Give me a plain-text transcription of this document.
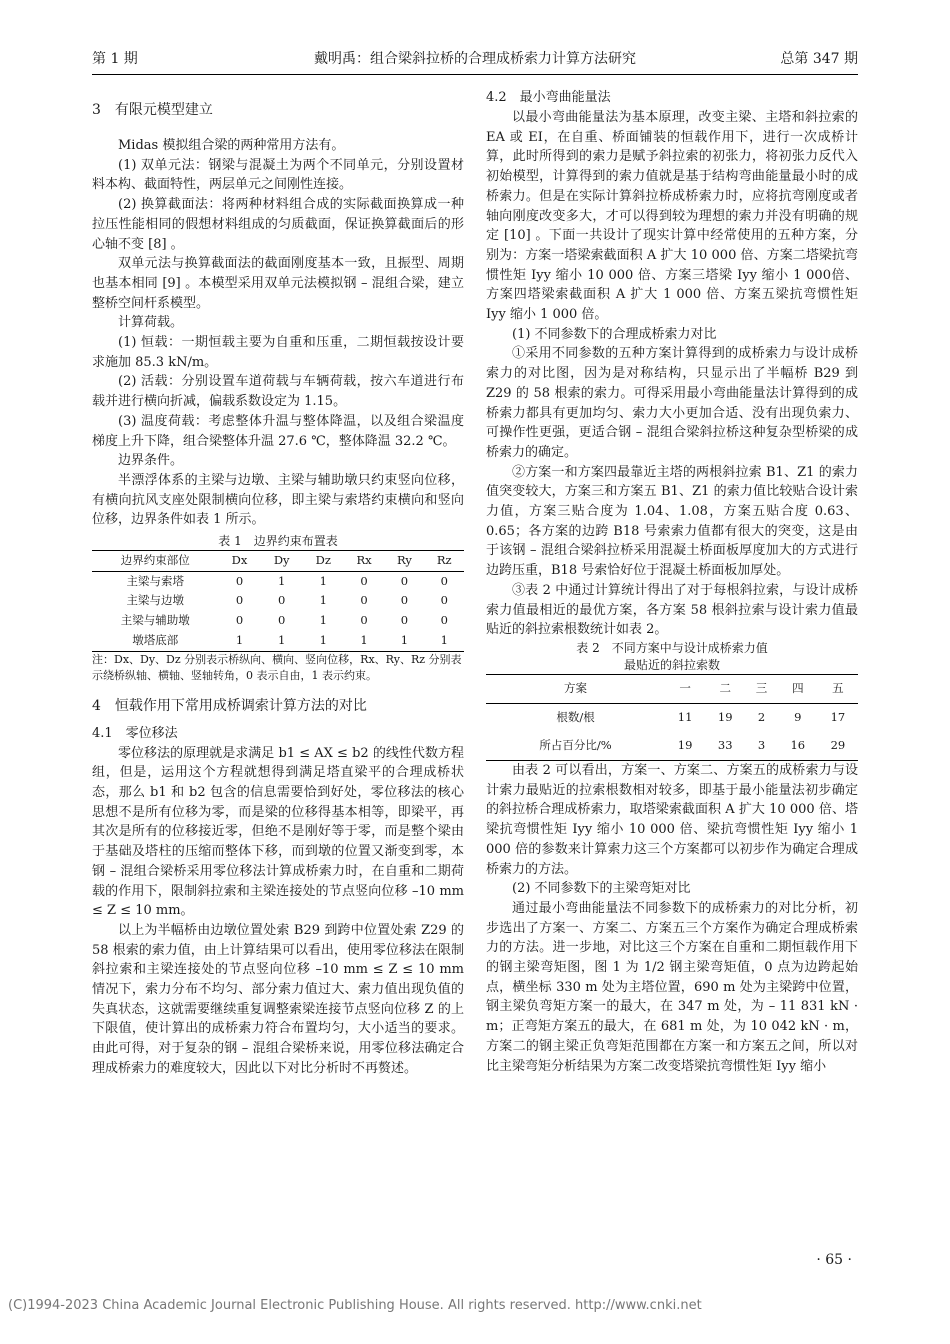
第 1 期	戴明禹：组合梁斜拉桥的合理成桥索力计算方法研究	总第 347 期
3　有限元模型建立

Midas 模拟组合梁的两种常用方法有。

(1) 双单元法：钢梁与混凝土为两个不同单元，分别设置材料本构、截面特性，两层单元之间刚性连接。

(2) 换算截面法：将两种材料组合成的实际截面换算成一种拉压性能相同的假想材料组成的匀质截面，保证换算截面后的形心轴不变 [8] 。

双单元法与换算截面法的截面刚度基本一致，且振型、周期也基本相同 [9] 。本模型采用双单元法模拟钢 – 混组合梁，建立整桥空间杆系模型。

计算荷载。

(1) 恒载：一期恒载主要为自重和压重，二期恒载按设计要求施加 85.3 kN/m。

(2) 活载：分别设置车道荷载与车辆荷载，按六车道进行布载并进行横向折减，偏载系数设定为 1.15。

(3) 温度荷载：考虑整体升温与整体降温，以及组合梁温度梯度上升下降，组合梁整体升温 27.6 ℃，整体降温 32.2 ℃。

边界条件。

半漂浮体系的主梁与边墩、主梁与辅助墩只约束竖向位移，有横向抗风支座处限制横向位移，即主梁与索塔约束横向和竖向位移，边界条件如表 1 所示。

表 1　边界约束布置表
边界约束部位	Dx	Dy	Dz	Rx	Ry	Rz
主梁与索塔	0	1	1	0	0	0
主梁与边墩	0	0	1	0	0	0
主梁与辅助墩	0	0	1	0	0	0
墩塔底部	1	1	1	1	1	1
注：Dx、Dy、Dz 分别表示桥纵向、横向、竖向位移，Rx、Ry、Rz 分别表示绕桥纵轴、横轴、竖轴转角，0 表示自由，1 表示约束。
4　恒载作用下常用成桥调索计算方法的对比
4.1　零位移法

零位移法的原理就是求满足 b1 ≤ AX ≤ b2 的线性代数方程组，但是，运用这个方程就想得到满足塔直梁平的合理成桥状态，那么 b1 和 b2 包含的信息需要恰到好处，零位移法的核心思想不是所有位移为零，而是梁的位移得基本相等，即梁平，再其次是所有的位移接近零，但绝不是刚好等于零，而是整个梁由于基础及塔柱的压缩而整体下移，而到墩的位置又渐变到零，本钢 – 混组合梁桥采用零位移法计算成桥索力时，在自重和二期荷载的作用下，限制斜拉索和主梁连接处的节点竖向位移 –10 mm ≤ Z ≤ 10 mm。

以上为半幅桥由边墩位置处索 B29 到跨中位置处索 Z29 的 58 根索的索力值，由上计算结果可以看出，使用零位移法在限制斜拉索和主梁连接处的节点竖向位移 –10 mm ≤ Z ≤ 10 mm 情况下，索力分布不均匀、部分索力值过大、索力值出现负值的失真状态，这就需要继续重复调整索梁连接节点竖向位移 Z 的上下限值，使计算出的成桥索力符合布置均匀，大小适当的要求。由此可得，对于复杂的钢 – 混组合梁桥来说，用零位移法确定合理成桥索力的难度较大，因此以下对比分析时不再赘述。

4.2　最小弯曲能量法

以最小弯曲能量法为基本原理，改变主梁、主塔和斜拉索的 EA 或 EI，在自重、桥面铺装的恒载作用下，进行一次成桥计算，此时所得到的索力是赋予斜拉索的初张力，将初张力反代入初始模型，计算得到的索力值就是基于结构弯曲能量最小时的成桥索力。但是在实际计算斜拉桥成桥索力时，应将抗弯刚度或者轴向刚度改变多大，才可以得到较为理想的索力并没有明确的规定 [10] 。下面一共设计了现实计算中经常使用的五种方案，分别为：方案一塔梁索截面积 A 扩大 10 000 倍、方案二塔梁抗弯惯性矩 Iyy 缩小 10 000 倍、方案三塔梁 Iyy 缩小 1 000倍、方案四塔梁索截面积 A 扩大 1 000 倍、方案五梁抗弯惯性矩 Iyy 缩小 1 000 倍。

(1) 不同参数下的合理成桥索力对比

①采用不同参数的五种方案计算得到的成桥索力与设计成桥索力的对比图，因为是对称结构，只显示出了半幅桥 B29 到 Z29 的 58 根索的索力。可得采用最小弯曲能量法计算得到的成桥索力都具有更加均匀、索力大小更加合适、没有出现负索力、可操作性更强，更适合钢 – 混组合梁斜拉桥这种复杂型桥梁的成桥索力的确定。

②方案一和方案四最靠近主塔的两根斜拉索 B1、Z1 的索力值突变较大，方案三和方案五 B1、Z1 的索力值比较贴合设计索力值，方案三贴合度为 1.04、1.08，方案五贴合度 0.63、0.65；各方案的边跨 B18 号索索力值都有很大的突变，这是由于该钢 – 混组合梁斜拉桥采用混凝土桥面板厚度加大的方式进行边跨压重，B18 号索恰好位于混凝土桥面板加厚处。

③表 2 中通过计算统计得出了对于每根斜拉索，与设计成桥索力值最相近的最优方案，各方案 58 根斜拉索与设计索力值最贴近的斜拉索根数统计如表 2。

表 2　不同方案中与设计成桥索力值
最贴近的斜拉索数
方案	一	二	三	四	五
根数/根	11	19	2	9	17
所占百分比/%	19	33	3	16	29

由表 2 可以看出，方案一、方案二、方案五的成桥索力与设计索力最贴近的拉索根数相对较多，即基于最小能量法初步确定的斜拉桥合理成桥索力，取塔梁索截面积 A 扩大 10 000 倍、塔梁抗弯惯性矩 Iyy 缩小 10 000 倍、梁抗弯惯性矩 Iyy 缩小 1 000 倍的参数来计算索力这三个方案都可以初步作为确定合理成桥索力的方法。

(2) 不同参数下的主梁弯矩对比

通过最小弯曲能量法不同参数下的成桥索力的对比分析，初步选出了方案一、方案二、方案五三个方案作为确定合理成桥索力的方法。进一步地，对比这三个方案在自重和二期恒载作用下的钢主梁弯矩图，图 1 为 1/2 钢主梁弯矩值，0 点为边跨起始点，横坐标 330 m 处为主塔位置，690 m 处为主梁跨中位置，钢主梁负弯矩方案一的最大，在 347 m 处，为 – 11 831 kN · m；正弯矩方案五的最大，在 681 m 处，为 10 042 kN · m，方案二的钢主梁正负弯矩范围都在方案一和方案五之间，所以对比主梁弯矩分析结果为方案二改变塔梁抗弯惯性矩 Iyy 缩小

· 65 ·
(C)1994-2023 China Academic Journal Electronic Publishing House. All rights reserved. http://www.cnki.net
